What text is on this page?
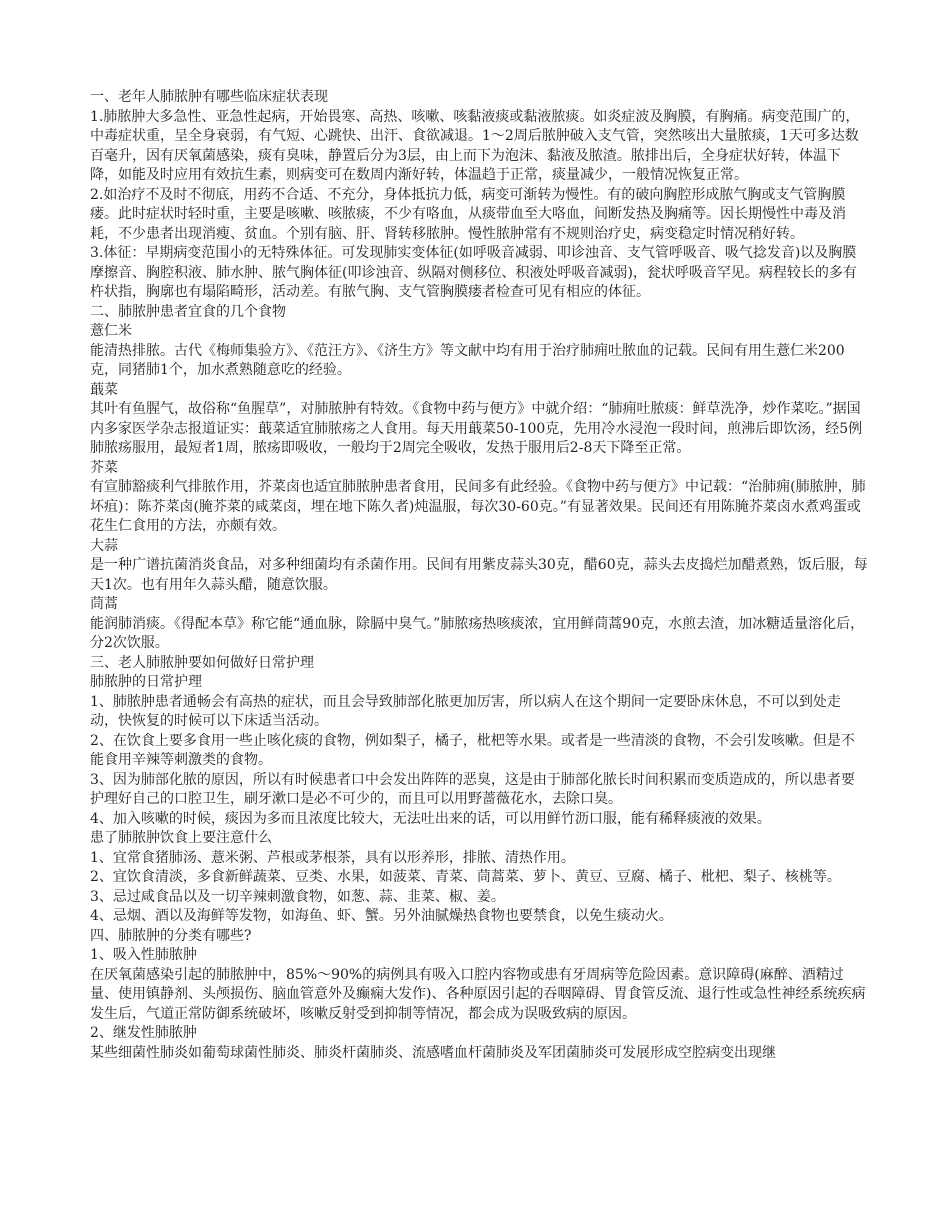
一、老年人肺脓肿有哪些临床症状表现

1.肺脓肿大多急性、亚急性起病，开始畏寒、高热、咳嗽、咳黏液痰或黏液脓痰。如炎症波及胸膜，有胸痛。病变范围广的，中毒症状重，呈全身衰弱，有气短、心跳快、出汗、食欲减退。1～2周后脓肿破入支气管，突然咳出大量脓痰，1天可多达数百毫升，因有厌氧菌感染，痰有臭味，静置后分为3层，由上而下为泡沫、黏液及脓渣。脓排出后，全身症状好转，体温下降，如能及时应用有效抗生素，则病变可在数周内渐好转，体温趋于正常，痰量减少，一般情况恢复正常。

2.如治疗不及时不彻底，用药不合适、不充分，身体抵抗力低，病变可渐转为慢性。有的破向胸腔形成脓气胸或支气管胸膜瘘。此时症状时轻时重，主要是咳嗽、咳脓痰，不少有咯血，从痰带血至大咯血，间断发热及胸痛等。因长期慢性中毒及消耗，不少患者出现消瘦、贫血。个别有脑、肝、肾转移脓肿。慢性脓肿常有不规则治疗史，病变稳定时情况稍好转。

3.体征：早期病变范围小的无特殊体征。可发现肺实变体征(如呼吸音减弱、叩诊浊音、支气管呼吸音、吸气捻发音)以及胸膜摩擦音、胸腔积液、肺水肿、脓气胸体征(叩诊浊音、纵隔对侧移位、积液处呼吸音减弱)，瓮状呼吸音罕见。病程较长的多有杵状指，胸廓也有塌陷畸形，活动差。有脓气胸、支气管胸膜瘘者检查可见有相应的体征。

二、肺脓肿患者宜食的几个食物

薏仁米

能清热排脓。古代《梅师集验方》、《范汪方》、《济生方》等文献中均有用于治疗肺痈吐脓血的记载。民间有用生薏仁米200克，同猪肺1个，加水煮熟随意吃的经验。

蕺菜

其叶有鱼腥气，故俗称“鱼腥草”，对肺脓肿有特效。《食物中药与便方》中就介绍：“肺痈吐脓痰：鲜草洗净，炒作菜吃。”据国内多家医学杂志报道证实：蕺菜适宜肺脓疡之人食用。每天用蕺菜50-100克，先用冷水浸泡一段时间，煎沸后即饮汤，经5例肺脓疡服用，最短者1周，脓疡即吸收，一般均于2周完全吸收，发热于服用后2-8天下降至正常。

芥菜

有宣肺豁痰利气排脓作用，芥菜卤也适宜肺脓肿患者食用，民间多有此经验。《食物中药与便方》中记载：“治肺痈(肺脓肿，肺坏疽)：陈芥菜卤(腌芥菜的咸菜卤，埋在地下陈久者)炖温服，每次30-60克。”有显著效果。民间还有用陈腌芥菜卤水煮鸡蛋或花生仁食用的方法，亦颇有效。

大蒜

是一种广谱抗菌消炎食品，对多种细菌均有杀菌作用。民间有用紫皮蒜头30克，醋60克，蒜头去皮捣烂加醋煮熟，饭后服，每天1次。也有用年久蒜头醋，随意饮服。

茼蒿

能润肺消痰。《得配本草》称它能“通血脉，除膈中臭气。”肺脓疡热咳痰浓，宜用鲜茼蒿90克，水煎去渣，加冰糖适量溶化后，分2次饮服。

三、老人肺脓肿要如何做好日常护理

肺脓肿的日常护理

1、肺脓肿患者通畅会有高热的症状，而且会导致肺部化脓更加厉害，所以病人在这个期间一定要卧床休息，不可以到处走动，快恢复的时候可以下床适当活动。

2、在饮食上要多食用一些止咳化痰的食物，例如梨子，橘子，枇杷等水果。或者是一些清淡的食物，不会引发咳嗽。但是不能食用辛辣等刺激类的食物。

3、因为肺部化脓的原因，所以有时候患者口中会发出阵阵的恶臭，这是由于肺部化脓长时间积累而变质造成的，所以患者要护理好自己的口腔卫生，刷牙漱口是必不可少的，而且可以用野蔷薇花水，去除口臭。

4、加入咳嗽的时候，痰因为多而且浓度比较大，无法吐出来的话，可以用鲜竹沥口服，能有稀释痰液的效果。

患了肺脓肿饮食上要注意什么

1、宜常食猪肺汤、薏米粥、芦根或茅根茶，具有以形养形，排脓、清热作用。

2、宜饮食清淡，多食新鲜蔬菜、豆类、水果，如菠菜、青菜、茼蒿菜、萝卜、黄豆、豆腐、橘子、枇杷、梨子、核桃等。

3、忌过咸食品以及一切辛辣刺激食物，如葱、蒜、韭菜、椒、姜。

4、忌烟、酒以及海鲜等发物，如海鱼、虾、蟹。另外油腻燥热食物也要禁食，以免生痰动火。

四、肺脓肿的分类有哪些?

1、吸入性肺脓肿

在厌氧菌感染引起的肺脓肿中，85%～90%的病例具有吸入口腔内容物或患有牙周病等危险因素。意识障碍(麻醉、酒精过量、使用镇静剂、头颅损伤、脑血管意外及癫痫大发作)、各种原因引起的吞咽障碍、胃食管反流、退行性或急性神经系统疾病发生后，气道正常防御系统破坏，咳嗽反射受到抑制等情况，都会成为误吸致病的原因。

2、继发性肺脓肿

某些细菌性肺炎如葡萄球菌性肺炎、肺炎杆菌肺炎、流感嗜血杆菌肺炎及军团菌肺炎可发展形成空腔病变出现继
